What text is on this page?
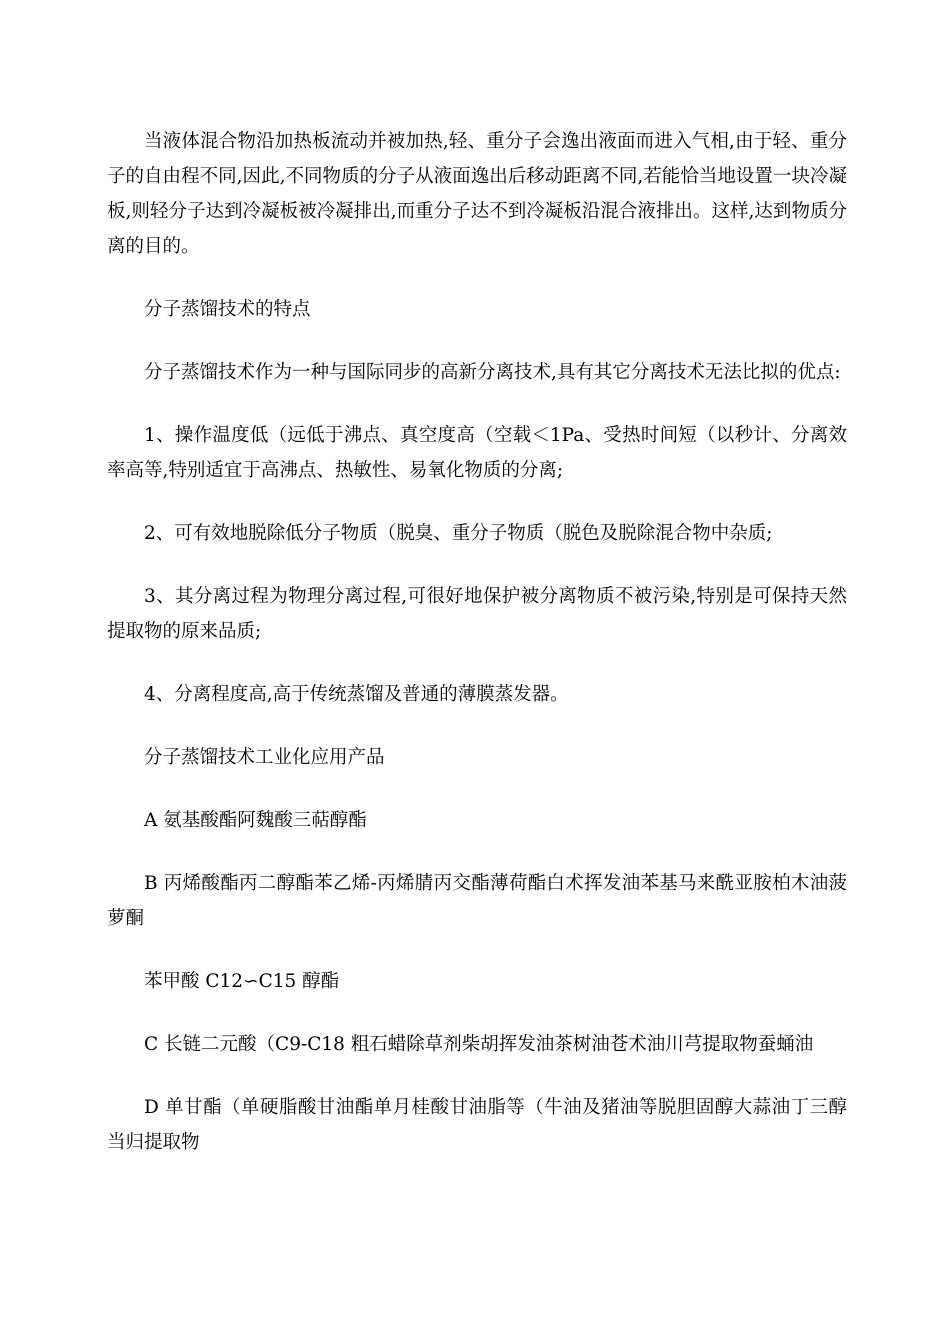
当液体混合物沿加热板流动并被加热,轻、重分子会逸出液面而进入气相,由于轻、重分子的自由程不同,因此,不同物质的分子从液面逸出后移动距离不同,若能恰当地设置一块冷凝板,则轻分子达到冷凝板被冷凝排出,而重分子达不到冷凝板沿混合液排出。这样,达到物质分离的目的。

分子蒸馏技术的特点

分子蒸馏技术作为一种与国际同步的高新分离技术,具有其它分离技术无法比拟的优点:

1、操作温度低（远低于沸点、真空度高（空载＜1Pa、受热时间短（以秒计、分离效率高等,特别适宜于高沸点、热敏性、易氧化物质的分离;

2、可有效地脱除低分子物质（脱臭、重分子物质（脱色及脱除混合物中杂质;

3、其分离过程为物理分离过程,可很好地保护被分离物质不被污染,特别是可保持天然提取物的原来品质;

4、分离程度高,高于传统蒸馏及普通的薄膜蒸发器。

分子蒸馏技术工业化应用产品

A 氨基酸酯阿魏酸三萜醇酯

B 丙烯酸酯丙二醇酯苯乙烯-丙烯腈丙交酯薄荷酯白术挥发油苯基马来酰亚胺柏木油菠萝酮

苯甲酸 C12∽C15 醇酯

C 长链二元酸（C9-C18 粗石蜡除草剂柴胡挥发油茶树油苍术油川芎提取物蚕蛹油

D 单甘酯（单硬脂酸甘油酯单月桂酸甘油脂等（牛油及猪油等脱胆固醇大蒜油丁三醇当归提取物
